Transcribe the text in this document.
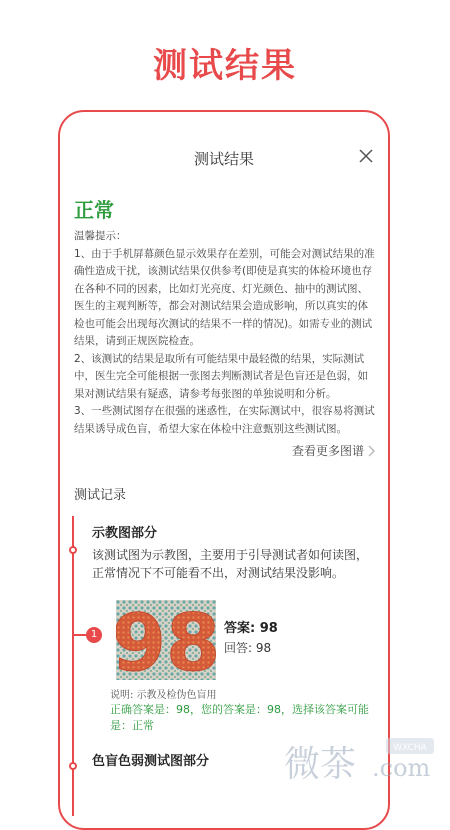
测试结果
测试结果
正常

温馨提示：

1、由于手机屏幕颜色显示效果存在差别，可能会对测试结果的准确性造成干扰，该测试结果仅供参考(即使是真实的体检环境也存在各种不同的因素，比如灯光亮度、灯光颜色、抽中的测试图、医生的主观判断等，都会对测试结果会造成影响，所以真实的体检也可能会出现每次测试的结果不一样的情况)。如需专业的测试结果，请到正规医院检查。

2、该测试的结果是取所有可能结果中最轻微的结果，实际测试中，医生完全可能根据一张图去判断测试者是色盲还是色弱，如果对测试结果有疑惑，请参考每张图的单独说明和分析。

3、一些测试图存在很强的迷惑性，在实际测试中，很容易将测试结果诱导成色盲，希望大家在体检中注意甄别这些测试图。

查看更多图谱
测试记录
1
示教图部分
该测试图为示教图，主要用于引导测试者如何读图，正常情况下不可能看不出，对测试结果没影响。
98 答案: 98
回答: 98
说明: 示教及检伪色盲用
正确答案是：98，您的答案是：98，选择该答案可能是：正常
色盲色弱测试图部分
WXCHA
微茶 .com
